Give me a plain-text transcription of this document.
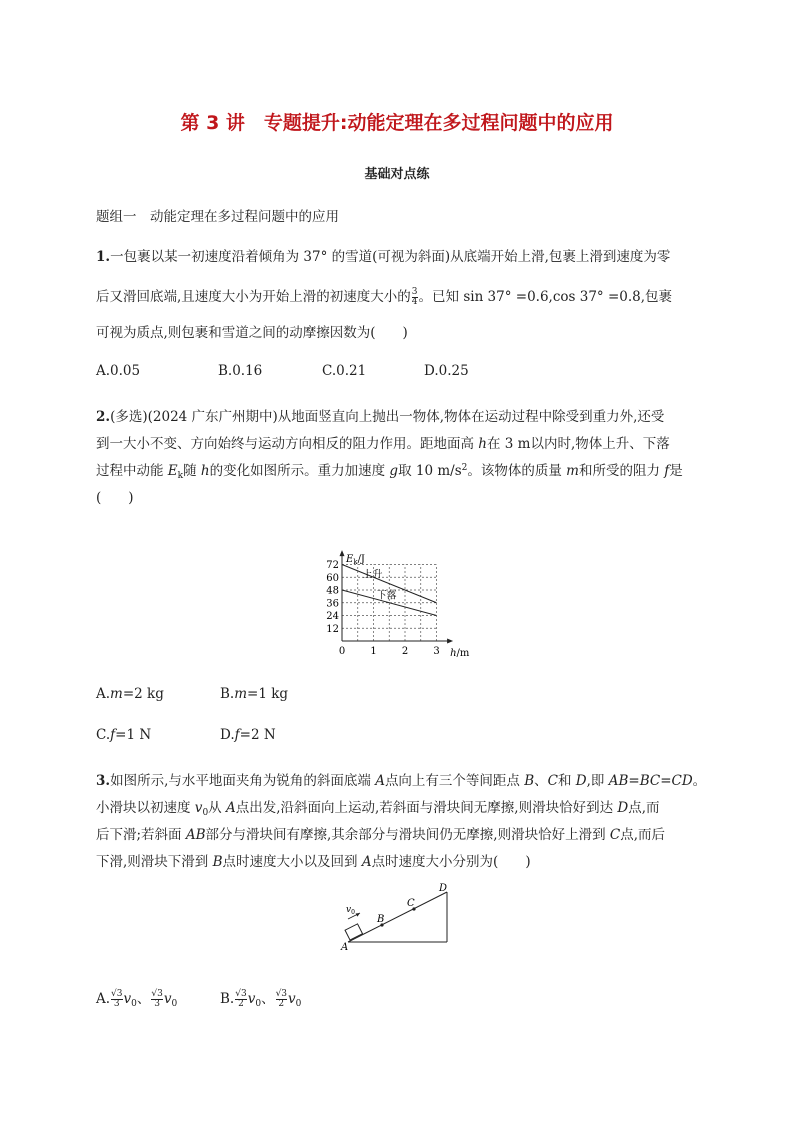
第 3 讲　专题提升:动能定理在多过程问题中的应用
基础对点练
题组一　动能定理在多过程问题中的应用
1.一包裹以某一初速度沿着倾角为 37° 的雪道(可视为斜面)从底端开始上滑,包裹上滑到速度为零
后又滑回底端,且速度大小为开始上滑的初速度大小的 $\frac{3}{4}$ 。已知 sin 37° =0.6,cos 37° =0.8,包裹
可视为质点,则包裹和雪道之间的动摩擦因数为(　　)
A.0.05	B.0.16	C.0.21	D.0.25
2.(多选)(2024 广东广州期中)从地面竖直向上抛出一物体,物体在运动过程中除受到重力外,还受
到一大小不变、方向始终与运动方向相反的阻力作用。距地面高 h在 3 m以内时,物体上升、下落
过程中动能 $E_k$随 h的变化如图所示。重力加速度 g取 10 $m/s^2$。该物体的质量 m和所受的阻力 f是
(　　)
上升
下落
12
24
36
48
60
72
1	2	3
0
$E_k/J$
h/m
A.m=2 kg	B.m=1 kg
C.f=1 N	D.f=2 N
3.如图所示,与水平地面夹角为锐角的斜面底端 A点向上有三个等间距点 B、C和 D,即 AB=BC=CD。
小滑块以初速度 $v_0$从 A点出发,沿斜面向上运动,若斜面与滑块间无摩擦,则滑块恰好到达 D点,而
后下滑;若斜面 AB部分与滑块间有摩擦,其余部分与滑块间仍无摩擦,则滑块恰好上滑到 C点,而后
下滑,则滑块下滑到 B点时速度大小以及回到 A点时速度大小分别为(　　)
$v_0$
A
B
C
D
A. $\frac{√3}{3} v_0$、 $\frac{√3}{3} v_0$	B. $\frac{√3}{2} v_0$、 $\frac{√3}{2} v_0$
